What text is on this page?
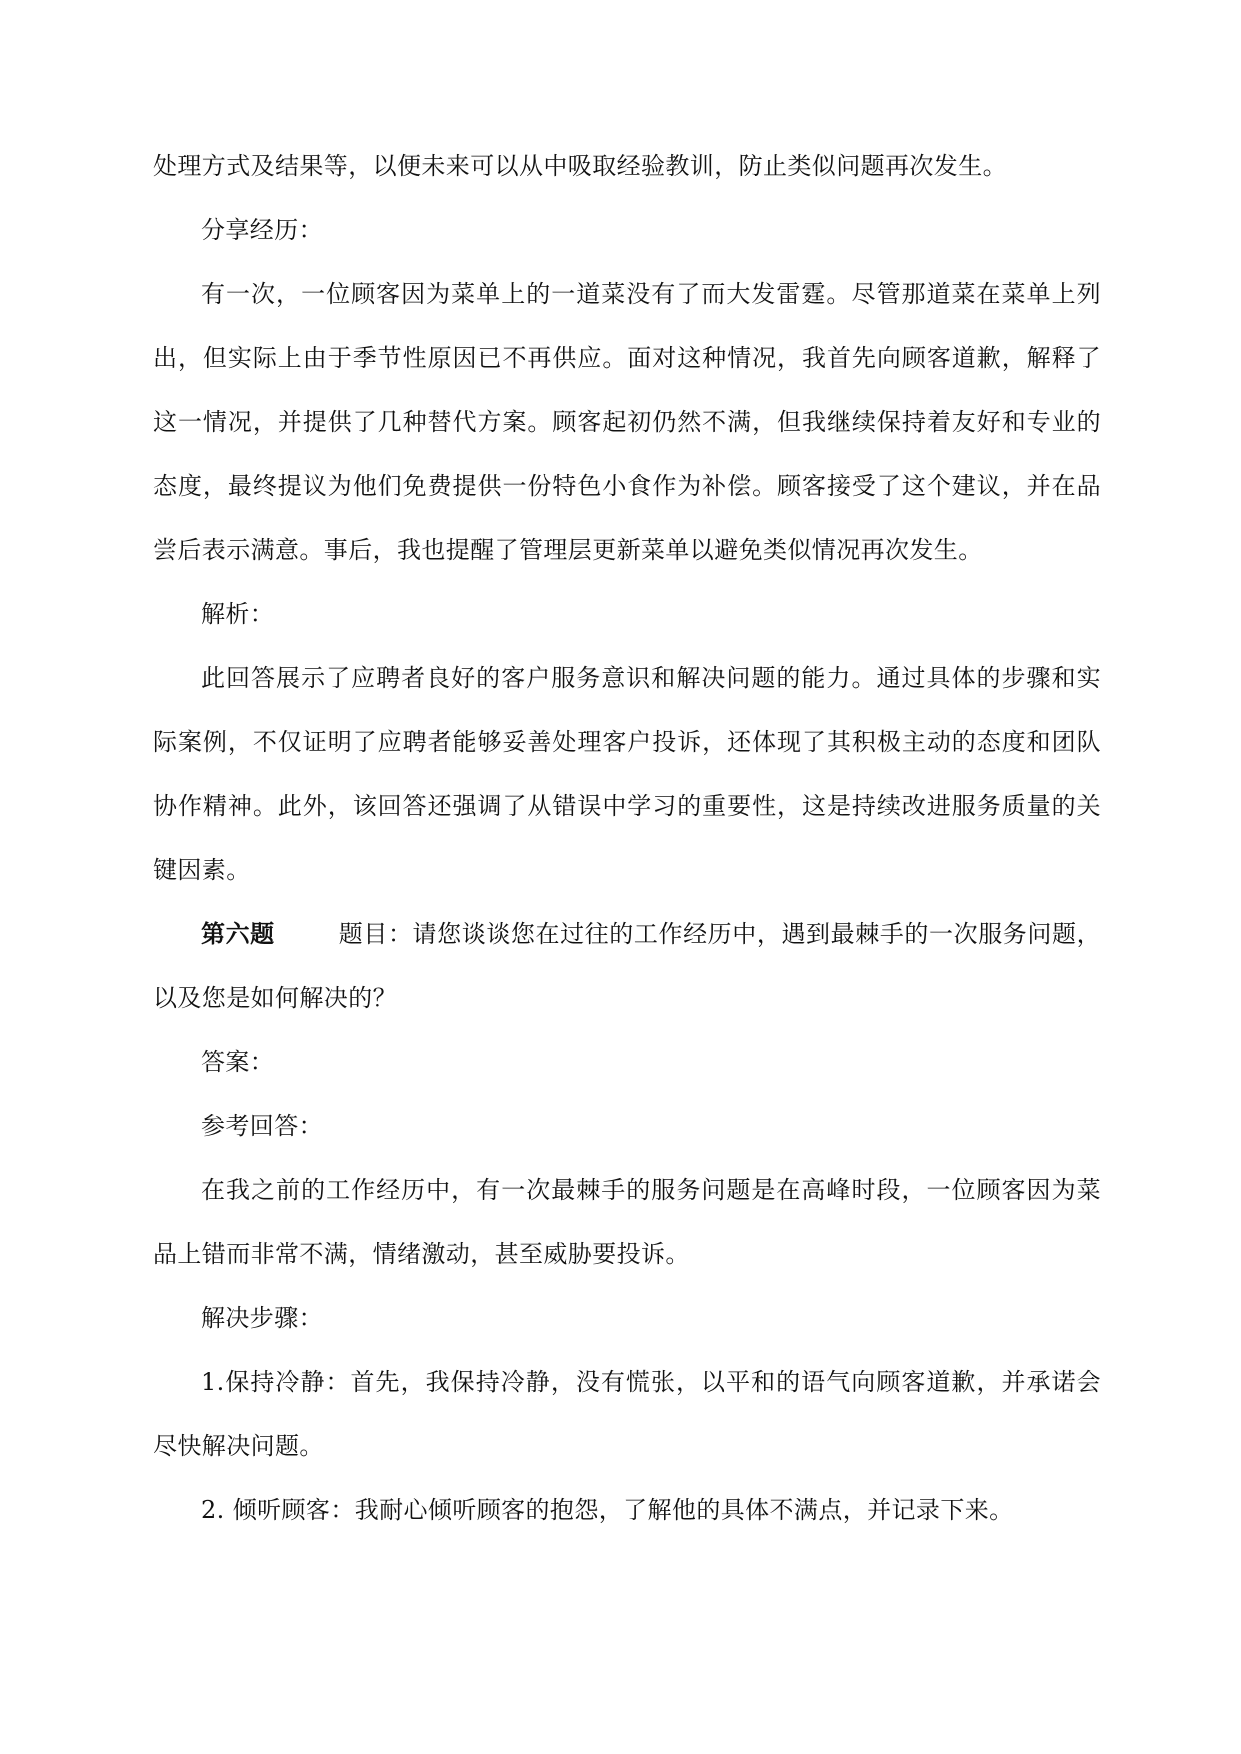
处理方式及结果等，以便未来可以从中吸取经验教训，防止类似问题再次发生。

分享经历：

有一次，一位顾客因为菜单上的一道菜没有了而大发雷霆。尽管那道菜在菜单上列出，但实际上由于季节性原因已不再供应。面对这种情况，我首先向顾客道歉，解释了这一情况，并提供了几种替代方案。顾客起初仍然不满，但我继续保持着友好和专业的态度，最终提议为他们免费提供一份特色小食作为补偿。顾客接受了这个建议，并在品尝后表示满意。事后，我也提醒了管理层更新菜单以避免类似情况再次发生。

解析：

此回答展示了应聘者良好的客户服务意识和解决问题的能力。通过具体的步骤和实际案例，不仅证明了应聘者能够妥善处理客户投诉，还体现了其积极主动的态度和团队协作精神。此外，该回答还强调了从错误中学习的重要性，这是持续改进服务质量的关键因素。

第六题	题目：请您谈谈您在过往的工作经历中，遇到最棘手的一次服务问题，以及您是如何解决的？

答案：

参考回答：

在我之前的工作经历中，有一次最棘手的服务问题是在高峰时段，一位顾客因为菜品上错而非常不满，情绪激动，甚至威胁要投诉。

解决步骤：

1.保持冷静：首先，我保持冷静，没有慌张，以平和的语气向顾客道歉，并承诺会尽快解决问题。

2. 倾听顾客：我耐心倾听顾客的抱怨，了解他的具体不满点，并记录下来。
